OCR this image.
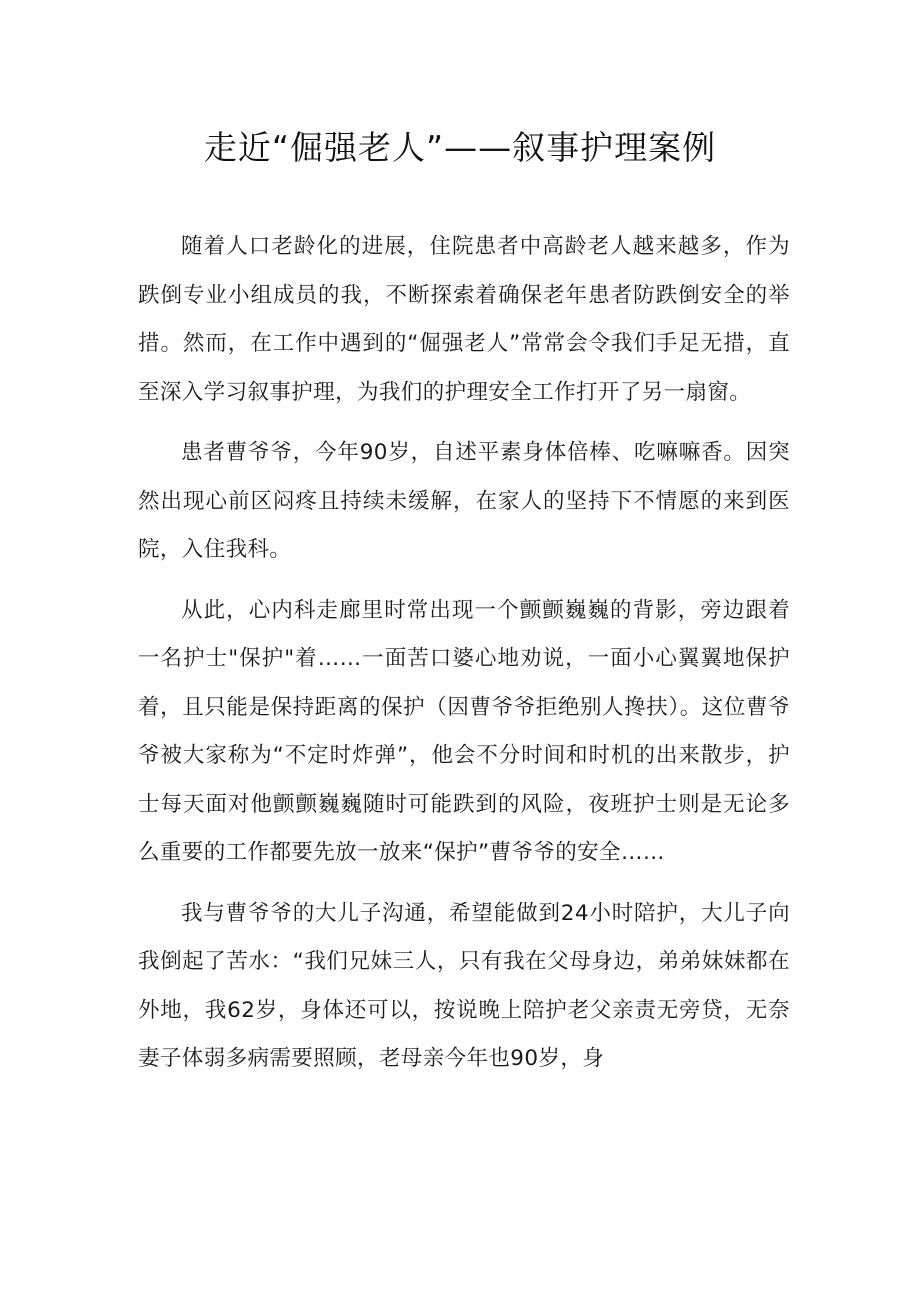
走近“倔强老人”——叙事护理案例

随着人口老龄化的进展，住院患者中高龄老人越来越多，作为跌倒专业小组成员的我，不断探索着确保老年患者防跌倒安全的举措。然而，在工作中遇到的“倔强老人”常常会令我们手足无措，直至深入学习叙事护理，为我们的护理安全工作打开了另一扇窗。

患者曹爷爷，今年90岁，自述平素身体倍棒、吃嘛嘛香。因突然出现心前区闷疼且持续未缓解，在家人的坚持下不情愿的来到医院，入住我科。

从此，心内科走廊里时常出现一个颤颤巍巍的背影，旁边跟着一名护士"保护"着……一面苦口婆心地劝说，一面小心翼翼地保护着，且只能是保持距离的保护（因曹爷爷拒绝别人搀扶）。这位曹爷爷被大家称为“不定时炸弹”，他会不分时间和时机的出来散步，护士每天面对他颤颤巍巍随时可能跌到的风险，夜班护士则是无论多么重要的工作都要先放一放来“保护”曹爷爷的安全……

我与曹爷爷的大儿子沟通，希望能做到24小时陪护，大儿子向我倒起了苦水：“我们兄妹三人，只有我在父母身边，弟弟妹妹都在外地，我62岁，身体还可以，按说晚上陪护老父亲责无旁贷，无奈妻子体弱多病需要照顾，老母亲今年也90岁，身
